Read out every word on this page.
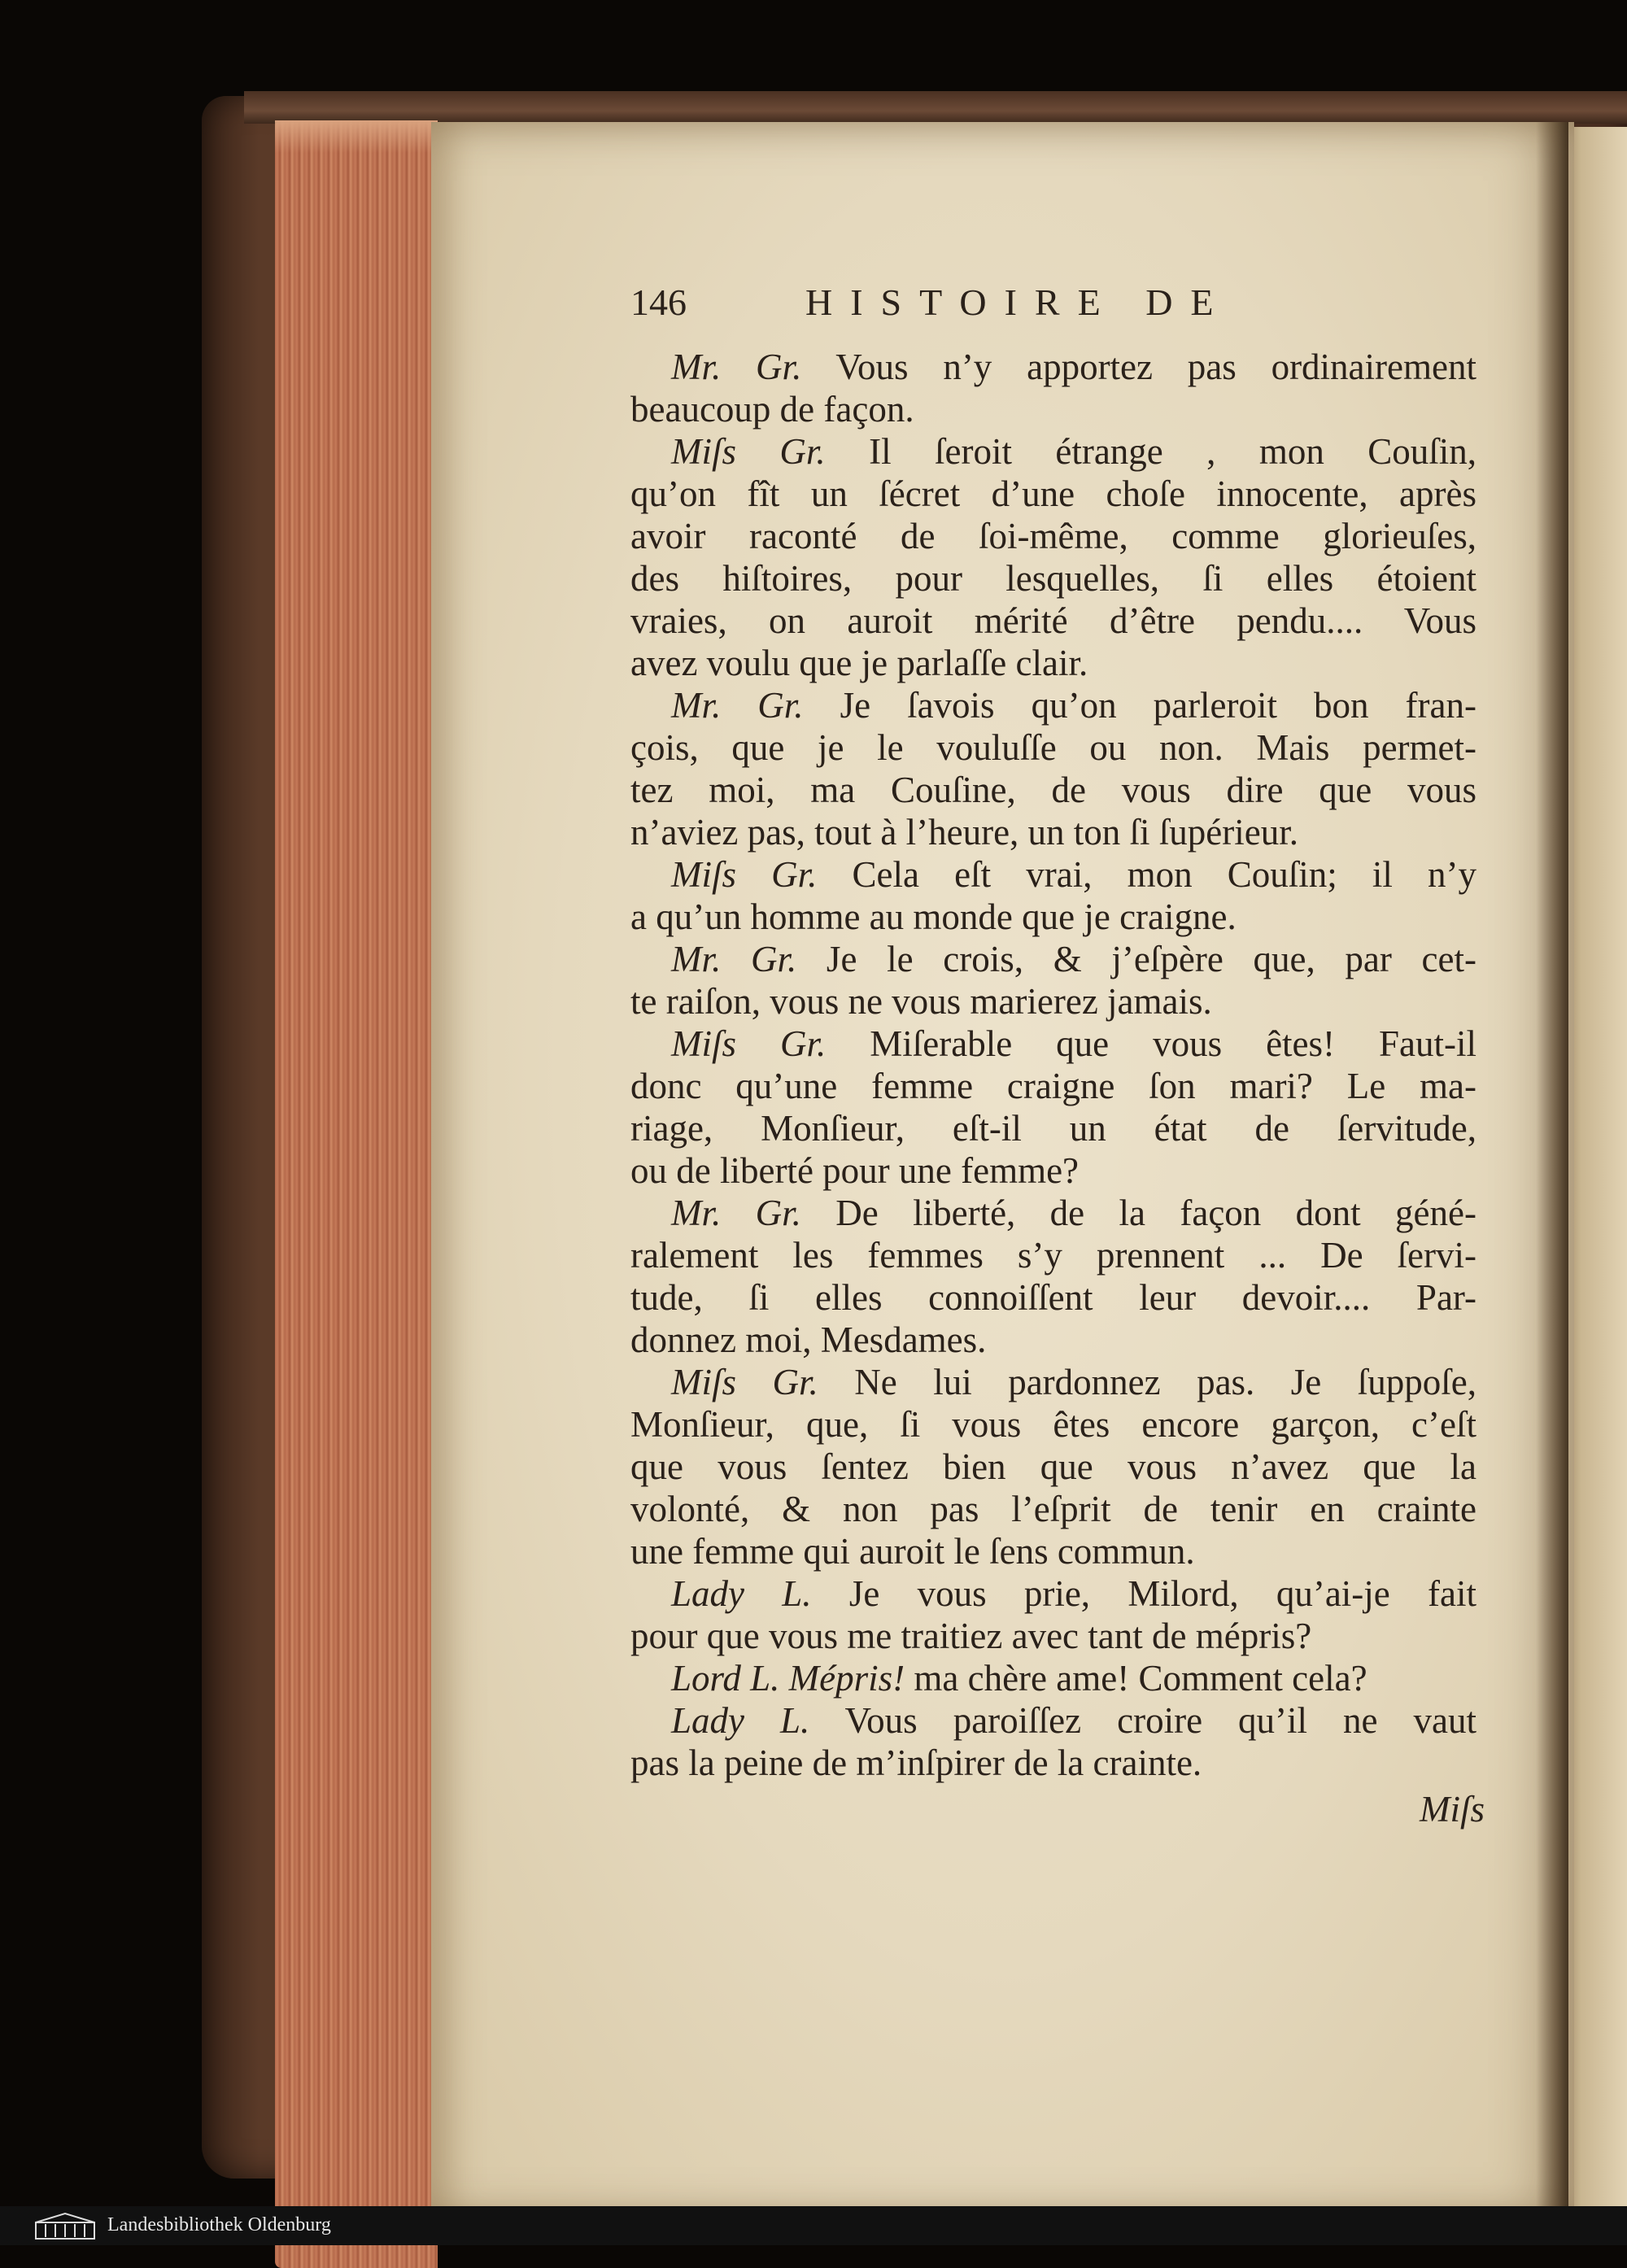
146	HISTOIRE DE
Mr. Gr. Vous n’y apportez pas ordinairement
beaucoup de façon.
Miſs Gr. Il ſeroit étrange , mon Couſin,
qu’on fît un ſécret d’une choſe innocente, après
avoir raconté de ſoi-même, comme glorieuſes,
des hiſtoires, pour lesquelles, ſi elles étoient
vraies, on auroit mérité d’être pendu.... Vous
avez voulu que je parlaſſe clair.
Mr. Gr. Je ſavois qu’on parleroit bon fran-
çois, que je le vouluſſe ou non. Mais permet-
tez moi, ma Couſine, de vous dire que vous
n’aviez pas, tout à l’heure, un ton ſi ſupérieur.
Miſs Gr. Cela eſt vrai, mon Couſin; il n’y
a qu’un homme au monde que je craigne.
Mr. Gr. Je le crois, & j’eſpère que, par cet-
te raiſon, vous ne vous marierez jamais.
Miſs Gr. Miſerable que vous êtes! Faut-il
donc qu’une femme craigne ſon mari? Le ma-
riage, Monſieur, eſt-il un état de ſervitude,
ou de liberté pour une femme?
Mr. Gr. De liberté, de la façon dont géné-
ralement les femmes s’y prennent ... De ſervi-
tude, ſi elles connoiſſent leur devoir.... Par-
donnez moi, Mesdames.
Miſs Gr. Ne lui pardonnez pas. Je ſuppoſe,
Monſieur, que, ſi vous êtes encore garçon, c’eſt
que vous ſentez bien que vous n’avez que la
volonté, & non pas l’eſprit de tenir en crainte
une femme qui auroit le ſens commun.
Lady L. Je vous prie, Milord, qu’ai-je fait
pour que vous me traitiez avec tant de mépris?
Lord L. Mépris! ma chère ame! Comment cela?
Lady L. Vous paroiſſez croire qu’il ne vaut
pas la peine de m’inſpirer de la crainte.
Miſs
Landesbibliothek Oldenburg
